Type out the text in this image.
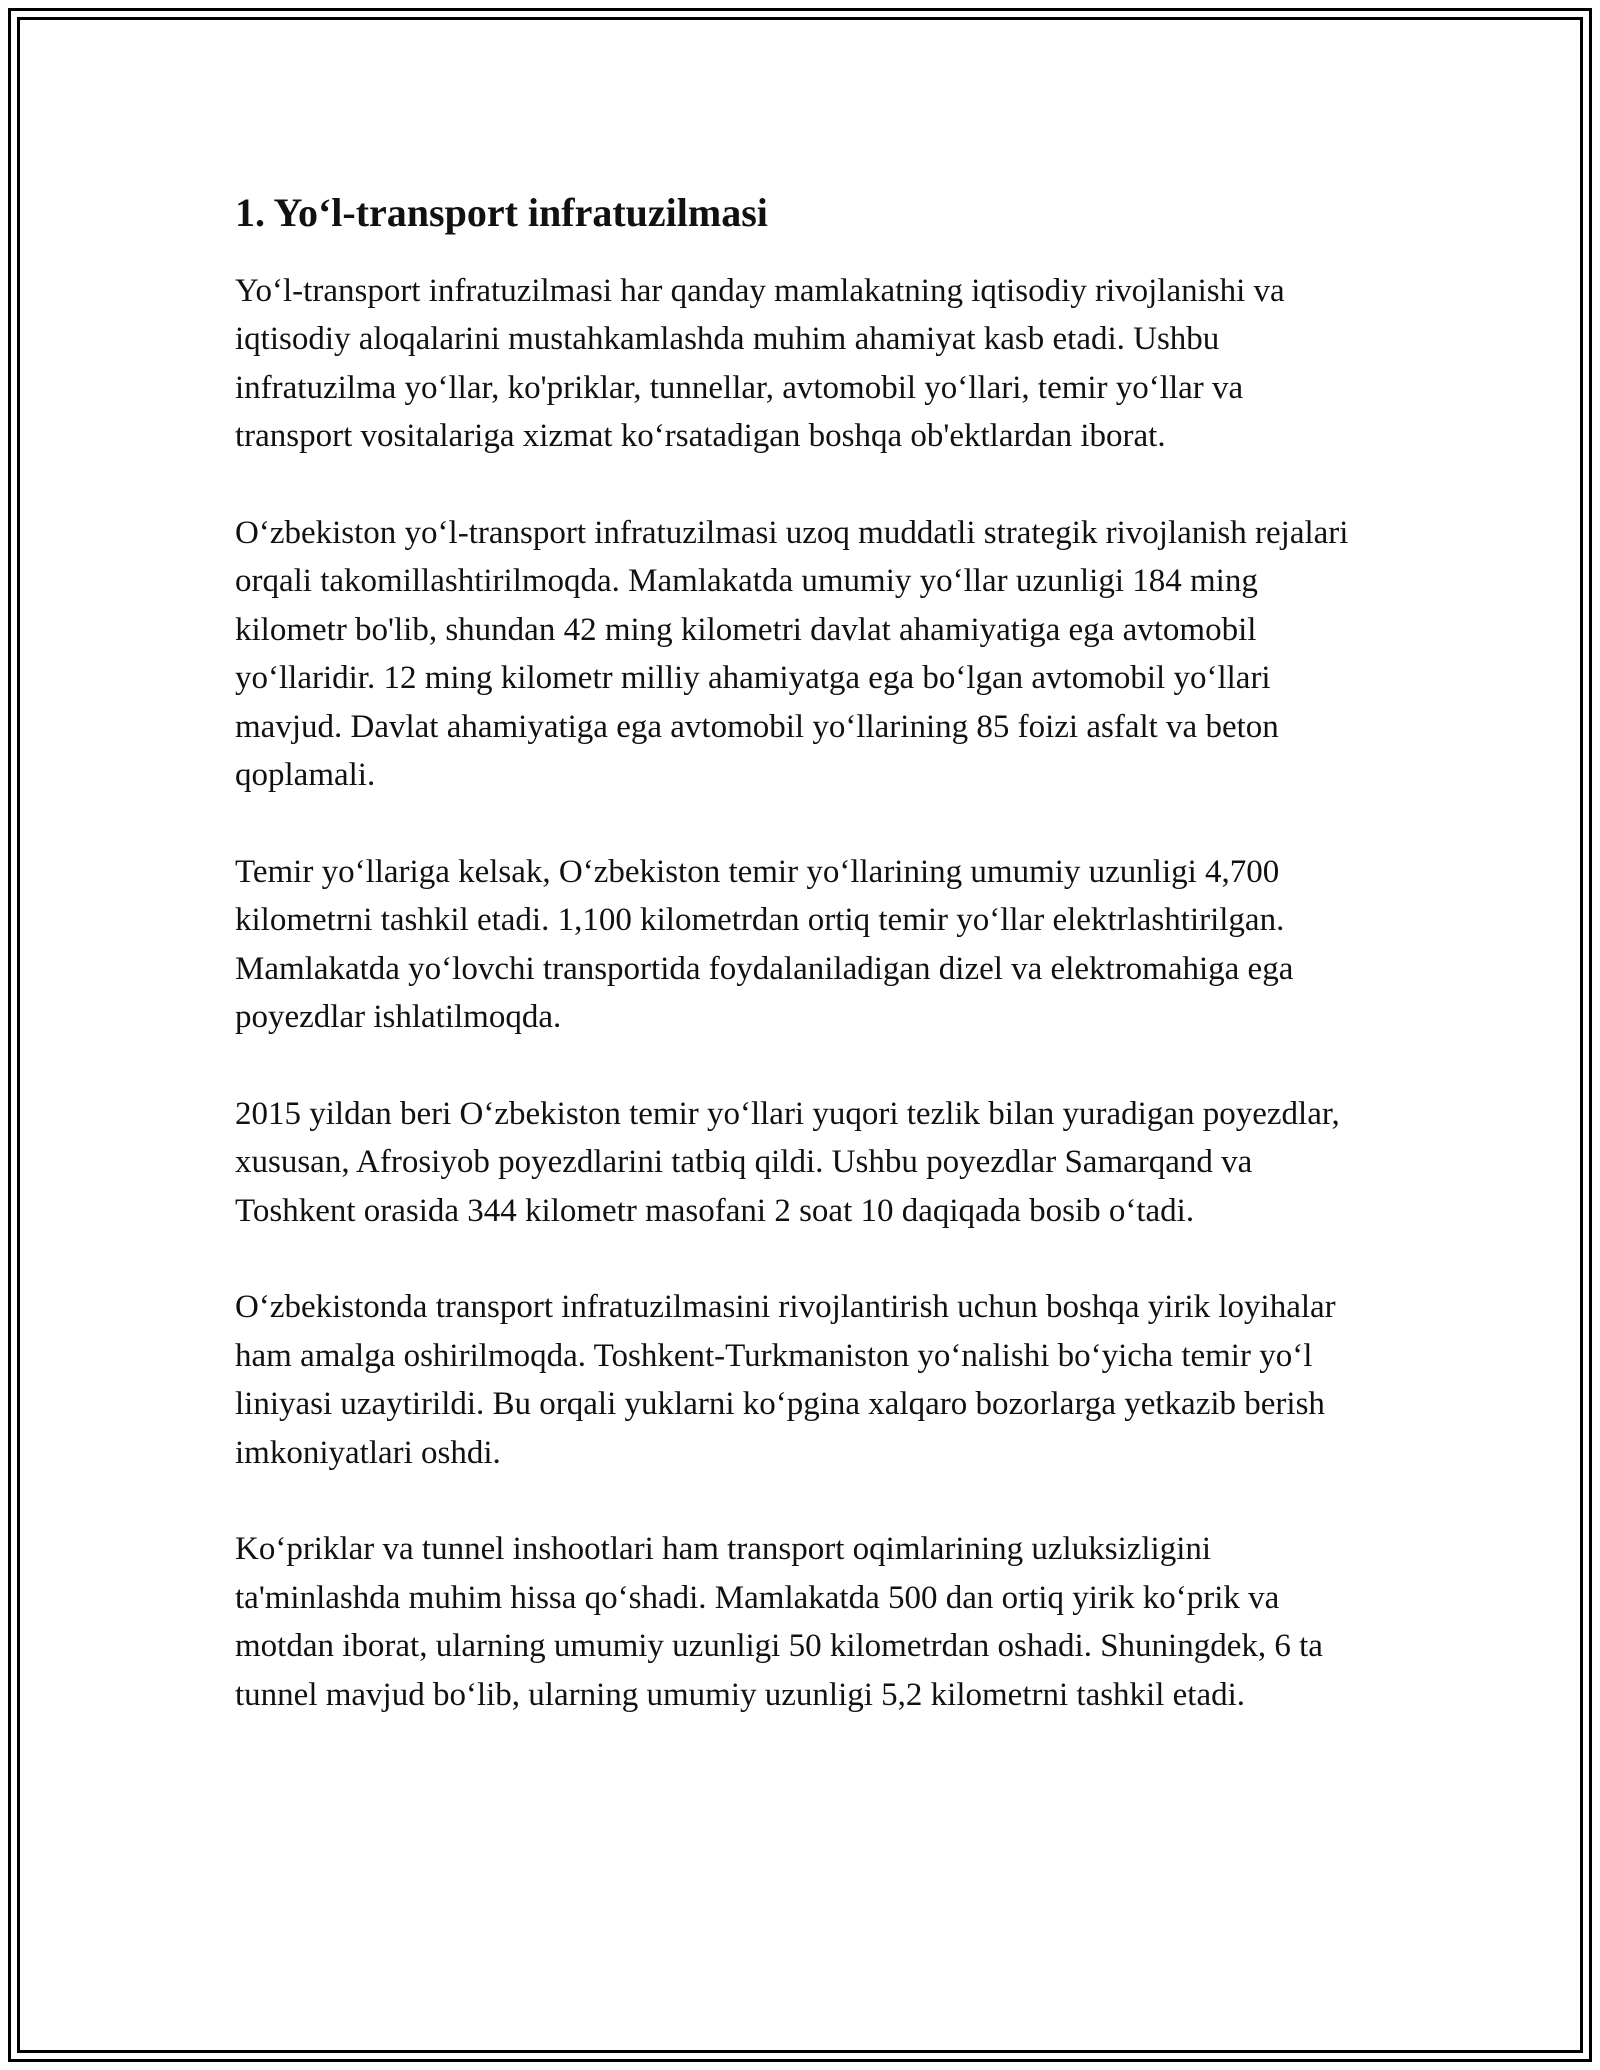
1. Yo‘l-transport infratuzilmasi

Yo‘l-transport infratuzilmasi har qanday mamlakatning iqtisodiy rivojlanishi va iqtisodiy aloqalarini mustahkamlashda muhim ahamiyat kasb etadi. Ushbu infratuzilma yo‘llar, ko'priklar, tunnellar, avtomobil yo‘llari, temir yo‘llar va transport vositalariga xizmat ko‘rsatadigan boshqa ob'ektlardan iborat.

O‘zbekiston yo‘l-transport infratuzilmasi uzoq muddatli strategik rivojlanish rejalari orqali takomillashtirilmoqda. Mamlakatda umumiy yo‘llar uzunligi 184 ming kilometr bo'lib, shundan 42 ming kilometri davlat ahamiyatiga ega avtomobil yo‘llaridir. 12 ming kilometr milliy ahamiyatga ega bo‘lgan avtomobil yo‘llari mavjud. Davlat ahamiyatiga ega avtomobil yo‘llarining 85 foizi asfalt va beton qoplamali.

Temir yo‘llariga kelsak, O‘zbekiston temir yo‘llarining umumiy uzunligi 4,700 kilometrni tashkil etadi. 1,100 kilometrdan ortiq temir yo‘llar elektrlashtirilgan. Mamlakatda yo‘lovchi transportida foydalaniladigan dizel va elektromahiga ega poyezdlar ishlatilmoqda.

2015 yildan beri O‘zbekiston temir yo‘llari yuqori tezlik bilan yuradigan poyezdlar, xususan, Afrosiyob poyezdlarini tatbiq qildi. Ushbu poyezdlar Samarqand va Toshkent orasida 344 kilometr masofani 2 soat 10 daqiqada bosib o‘tadi.

O‘zbekistonda transport infratuzilmasini rivojlantirish uchun boshqa yirik loyihalar ham amalga oshirilmoqda. Toshkent-Turkmaniston yo‘nalishi bo‘yicha temir yo‘l liniyasi uzaytirildi. Bu orqali yuklarni ko‘pgina xalqaro bozorlarga yetkazib berish imkoniyatlari oshdi.

Ko‘priklar va tunnel inshootlari ham transport oqimlarining uzluksizligini ta'minlashda muhim hissa qo‘shadi. Mamlakatda 500 dan ortiq yirik ko‘prik va motdan iborat, ularning umumiy uzunligi 50 kilometrdan oshadi. Shuningdek, 6 ta tunnel mavjud bo‘lib, ularning umumiy uzunligi 5,2 kilometrni tashkil etadi.
